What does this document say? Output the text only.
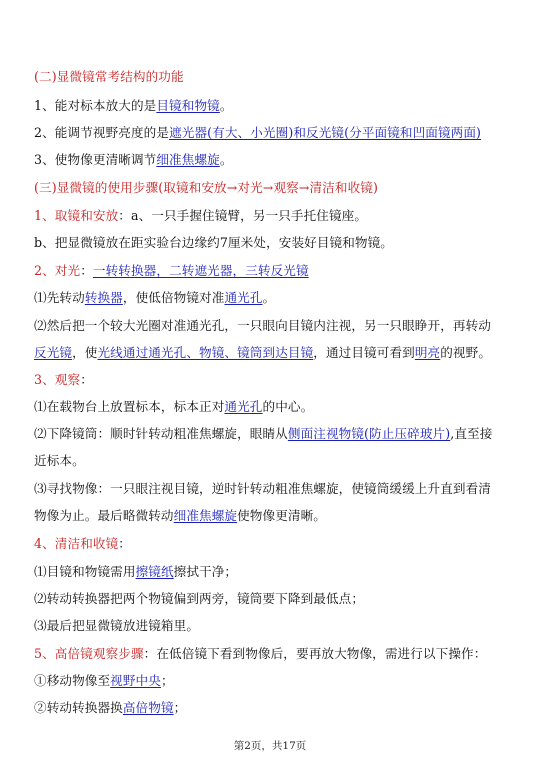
(二)显微镜常考结构的功能
1、能对标本放大的是目镜和物镜。
2、能调节视野亮度的是遮光器(有大、小光圈)和反光镜(分平面镜和凹面镜两面)
3、使物像更清晰调节细准焦螺旋。
(三)显微镜的使用步骤(取镜和安放→对光→观察→清洁和收镜)
1、取镜和安放：a、一只手握住镜臂，另一只手托住镜座。
b、把显微镜放在距实验台边缘约7厘米处，安装好目镜和物镜。
2、对光：一转转换器，二转遮光器，三转反光镜
⑴先转动转换器，使低倍物镜对准通光孔。
⑵然后把一个较大光圈对准通光孔，一只眼向目镜内注视，另一只眼睁开，再转动
反光镜，使光线通过通光孔、物镜、镜筒到达目镜，通过目镜可看到明亮的视野。
3、观察：
⑴在载物台上放置标本，标本正对通光孔的中心。
⑵下降镜筒：顺时针转动粗准焦螺旋，眼睛从侧面注视物镜(防止压碎玻片),直至接
近标本。
⑶寻找物像：一只眼注视目镜，逆时针转动粗准焦螺旋，使镜筒缓缓上升直到看清
物像为止。最后略微转动细准焦螺旋使物像更清晰。
4、清洁和收镜：
⑴目镜和物镜需用擦镜纸擦拭干净；
⑵转动转换器把两个物镜偏到两旁，镜筒要下降到最低点；
⑶最后把显微镜放进镜箱里。
5、高倍镜观察步骤：在低倍镜下看到物像后，要再放大物像，需进行以下操作：
①移动物像至视野中央；
②转动转换器换高倍物镜；
第2页，共17页
